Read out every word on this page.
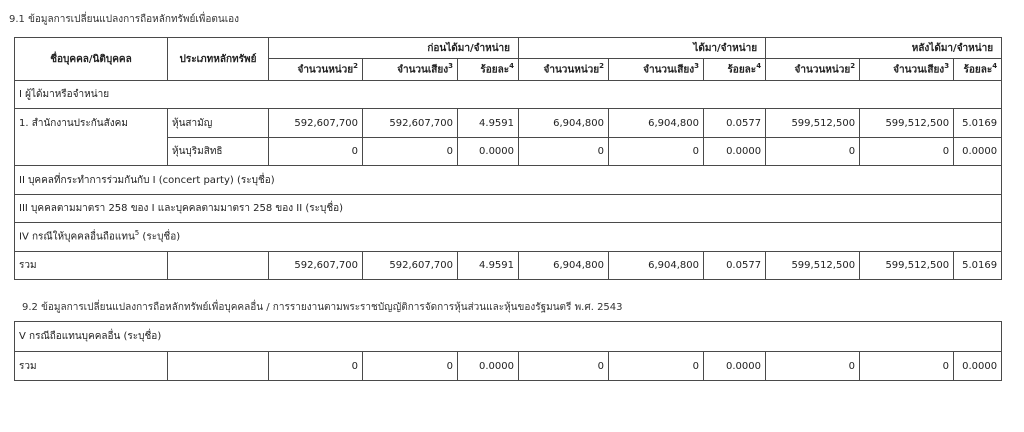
9.1 ข้อมูลการเปลี่ยนแปลงการถือหลักทรัพย์เพื่อตนเอง
ชื่อบุคคล/นิติบุคคล	ประเภทหลักทรัพย์	ก่อนได้มา/จำหน่าย			ได้มา/จำหน่าย			หลังได้มา/จำหน่าย		
		จำนวนหน่วย$^2$	จำนวนเสียง$^3$	ร้อยละ$^4$	จำนวนหน่วย$^2$	จำนวนเสียง$^3$	ร้อยละ$^4$	จำนวนหน่วย$^2$	จำนวนเสียง$^3$	ร้อยละ$^4$
I ผู้ได้มาหรือจำหน่าย										

1. สำนักงานประกันสังคม	หุ้นสามัญ	592,607,700	592,607,700	4.9591	6,904,800	6,904,800	0.0577	599,512,500	599,512,500	5.0169
	หุ้นบุริมสิทธิ	0	0	0.0000	0	0	0.0000	0	0	0.0000
II บุคคลที่กระทำการร่วมกันกับ I (concert party) (ระบุชื่อ)										
III บุคคลตามมาตรา 258 ของ I และบุคคลตามมาตรา 258 ของ II (ระบุชื่อ)										
IV กรณีให้บุคคลอื่นถือแทน$^5$ (ระบุชื่อ)										
รวม		592,607,700	592,607,700	4.9591	6,904,800	6,904,800	0.0577	599,512,500	599,512,500	5.0169
9.2 ข้อมูลการเปลี่ยนแปลงการถือหลักทรัพย์เพื่อบุคคลอื่น / การรายงานตามพระราชบัญญัติการจัดการหุ้นส่วนและหุ้นของรัฐมนตรี พ.ศ. 2543
V กรณีถือแทนบุคคลอื่น (ระบุชื่อ)
รวม		0	0	0.0000	0	0	0.0000	0	0	0.0000
